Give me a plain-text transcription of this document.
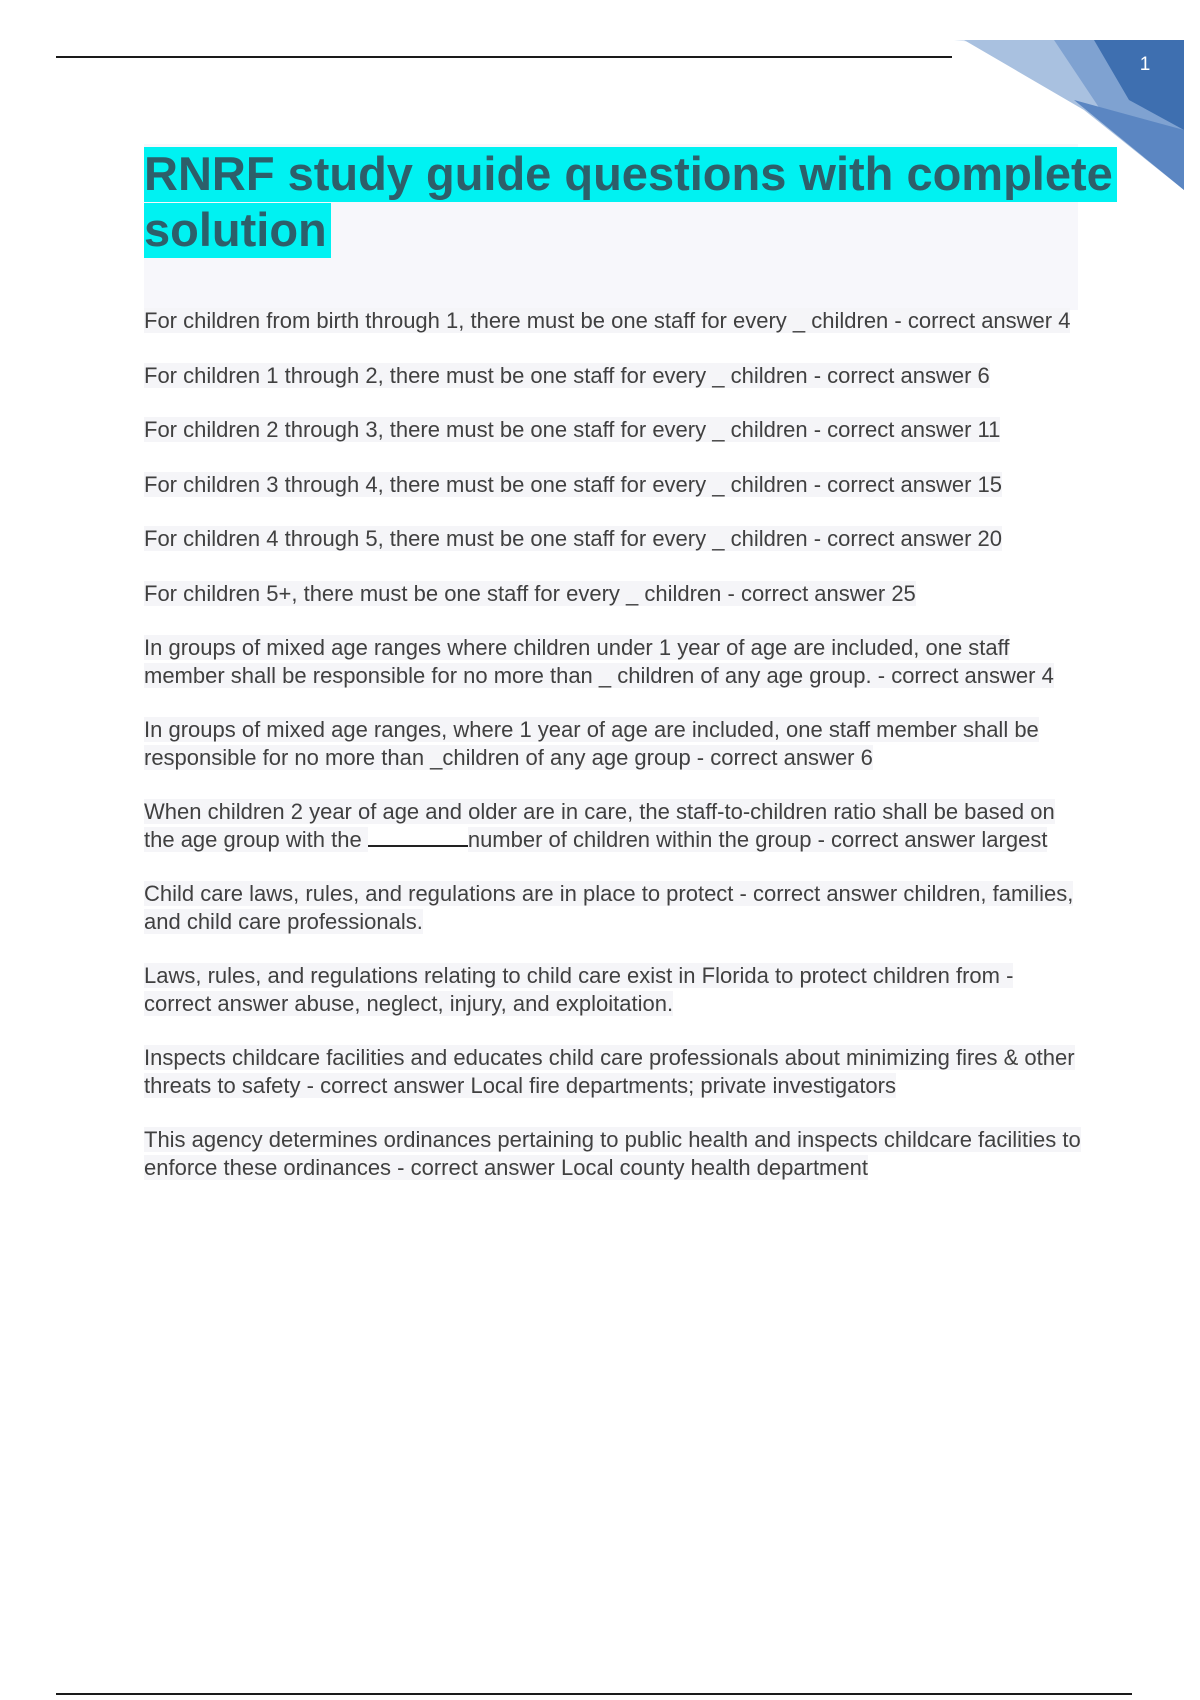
1
RNRF study guide questions with complete solution
For children from birth through 1, there must be one staff for every _ children - correct answer 4
For children 1 through 2, there must be one staff for every _ children - correct answer 6
For children 2 through 3, there must be one staff for every _ children - correct answer 11
For children 3 through 4, there must be one staff for every _ children - correct answer 15
For children 4 through 5, there must be one staff for every _ children - correct answer 20
For children 5+, there must be one staff for every _ children - correct answer 25
In groups of mixed age ranges where children under 1 year of age are included, one staff member shall be responsible for no more than _ children of any age group. - correct answer 4
In groups of mixed age ranges, where 1 year of age are included, one staff member shall be responsible for no more than _children of any age group - correct answer 6
When children 2 year of age and older are in care, the staff-to-children ratio shall be based on the age group with the	number of children within the group - correct answer largest
Child care laws, rules, and regulations are in place to protect - correct answer children, families, and child care professionals.
Laws, rules, and regulations relating to child care exist in Florida to protect children from - correct answer abuse, neglect, injury, and exploitation.
Inspects childcare facilities and educates child care professionals about minimizing fires & other threats to safety - correct answer Local fire departments; private investigators
This agency determines ordinances pertaining to public health and inspects childcare facilities to enforce these ordinances - correct answer Local county health department
